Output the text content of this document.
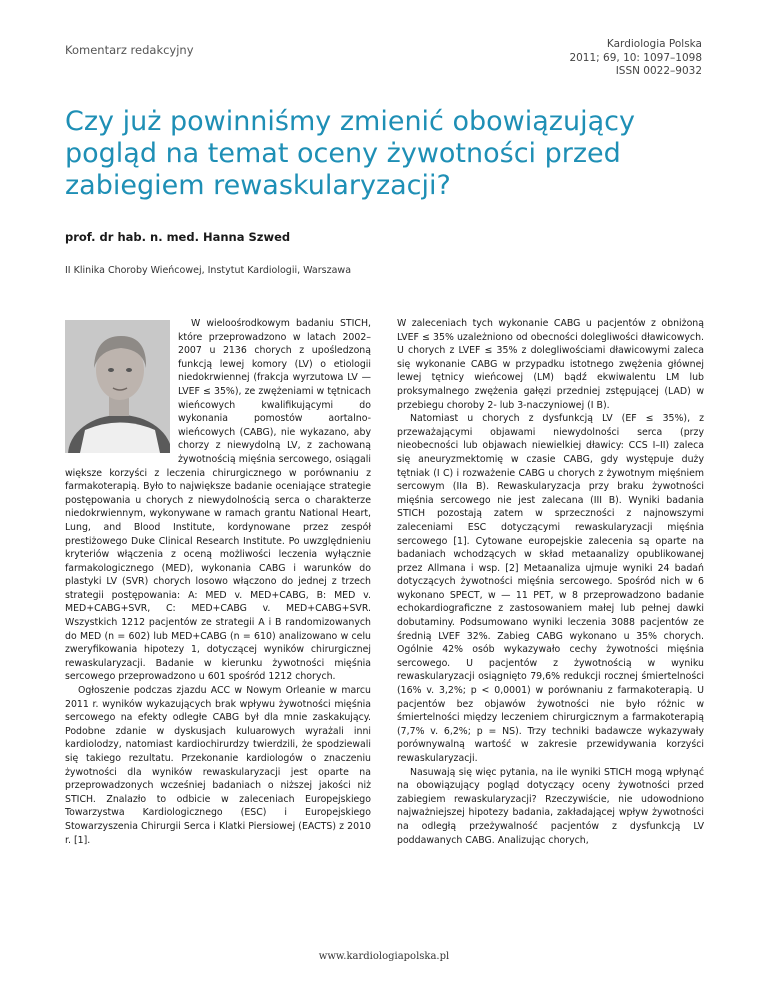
Komentarz redakcyjny	Kardiologia Polska
2011; 69, 10: 1097–1098
ISSN 0022–9032
Czy już powinniśmy zmienić obowiązujący pogląd na temat oceny żywotności przed zabiegiem rewaskularyzacji?
prof. dr hab. n. med. Hanna Szwed
II Klinika Choroby Wieńcowej, Instytut Kardiologii, Warszawa

W wieloośrodkowym badaniu STICH, które przeprowadzono w latach 2002–2007 u 2136 chorych z upośledzoną funkcją lewej komory (LV) o etiologii niedokrwiennej (frakcja wyrzutowa LV — LVEF ≤ 35%), ze zwężeniami w tętnicach wieńcowych kwalifikującymi do wykonania pomostów aortalno-wieńcowych (CABG), nie wykazano, aby chorzy z niewydolną LV, z zachowaną żywotnością mięśnia sercowego, osiągali większe korzyści z leczenia chirurgicznego w porównaniu z farmakoterapią. Było to największe badanie oceniające strategie postępowania u chorych z niewydolnością serca o charakterze niedokrwiennym, wykonywane w ramach grantu National Heart, Lung, and Blood Institute, kordynowane przez zespół prestiżowego Duke Clinical Research Institute. Po uwzględnieniu kryteriów włączenia z oceną możliwości leczenia wyłącznie farmakologicznego (MED), wykonania CABG i warunków do plastyki LV (SVR) chorych losowo włączono do jednej z trzech strategii postępowania: A: MED v. MED+CABG, B: MED v. MED+CABG+SVR, C: MED+CABG v. MED+CABG+SVR. Wszystkich 1212 pacjentów ze strategii A i B randomizowanych do MED (n = 602) lub MED+CABG (n = 610) analizowano w celu zweryfikowania hipotezy 1, dotyczącej wyników chirurgicznej rewaskularyzacji. Badanie w kierunku żywotności mięśnia sercowego przeprowadzono u 601 spośród 1212 chorych.

Ogłoszenie podczas zjazdu ACC w Nowym Orleanie w marcu 2011 r. wyników wykazujących brak wpływu żywotności mięśnia sercowego na efekty odległe CABG był dla mnie zaskakujący. Podobne zdanie w dyskusjach kuluarowych wyrażali inni kardiolodzy, natomiast kardiochirurdzy twierdzili, że spodziewali się takiego rezultatu. Przekonanie kardiologów o znaczeniu żywotności dla wyników rewaskularyzacji jest oparte na przeprowadzonych wcześniej badaniach o niższej jakości niż STICH. Znalazło to odbicie w zaleceniach Europejskiego Towarzystwa Kardiologicznego (ESC) i Europejskiego Stowarzyszenia Chirurgii Serca i Klatki Piersiowej (EACTS) z 2010 r. [1].

W zaleceniach tych wykonanie CABG u pacjentów z obniżoną LVEF ≤ 35% uzależniono od obecności dolegliwości dławicowych. U chorych z LVEF ≤ 35% z dolegliwościami dławicowymi zaleca się wykonanie CABG w przypadku istotnego zwężenia głównej lewej tętnicy wieńcowej (LM) bądź ekwiwalentu LM lub proksymalnego zwężenia gałęzi przedniej zstępującej (LAD) w przebiegu choroby 2- lub 3-naczyniowej (I B).

Natomiast u chorych z dysfunkcją LV (EF ≤ 35%), z przeważającymi objawami niewydolności serca (przy nieobecności lub objawach niewielkiej dławicy: CCS I–II) zaleca się aneuryzmektomię w czasie CABG, gdy występuje duży tętniak (I C) i rozważenie CABG u chorych z żywotnym mięśniem sercowym (IIa B). Rewaskularyzacja przy braku żywotności mięśnia sercowego nie jest zalecana (III B). Wyniki badania STICH pozostają zatem w sprzeczności z najnowszymi zaleceniami ESC dotyczącymi rewaskularyzacji mięśnia sercowego [1]. Cytowane europejskie zalecenia są oparte na badaniach wchodzących w skład metaanalizy opublikowanej przez Allmana i wsp. [2] Metaanaliza ujmuje wyniki 24 badań dotyczących żywotności mięśnia sercowego. Spośród nich w 6 wykonano SPECT, w — 11 PET, w 8 przeprowadzono badanie echokardiograficzne z zastosowaniem małej lub pełnej dawki dobutaminy. Podsumowano wyniki leczenia 3088 pacjentów ze średnią LVEF 32%. Zabieg CABG wykonano u 35% chorych. Ogólnie 42% osób wykazywało cechy żywotności mięśnia sercowego. U pacjentów z żywotnością w wyniku rewaskularyzacji osiągnięto 79,6% redukcji rocznej śmiertelności (16% v. 3,2%; p < 0,0001) w porównaniu z farmakoterapią. U pacjentów bez objawów żywotności nie było różnic w śmiertelności między leczeniem chirurgicznym a farmakoterapią (7,7% v. 6,2%; p = NS). Trzy techniki badawcze wykazywały porównywalną wartość w zakresie przewidywania korzyści rewaskularyzacji.

Nasuwają się więc pytania, na ile wyniki STICH mogą wpłynąć na obowiązujący pogląd dotyczący oceny żywotności przed zabiegiem rewaskularyzacji? Rzeczywiście, nie udowodniono najważniejszej hipotezy badania, zakładającej wpływ żywotności na odległą przeżywalność pacjentów z dysfunkcją LV poddawanych CABG. Analizując chorych,

www.kardiologiapolska.pl
